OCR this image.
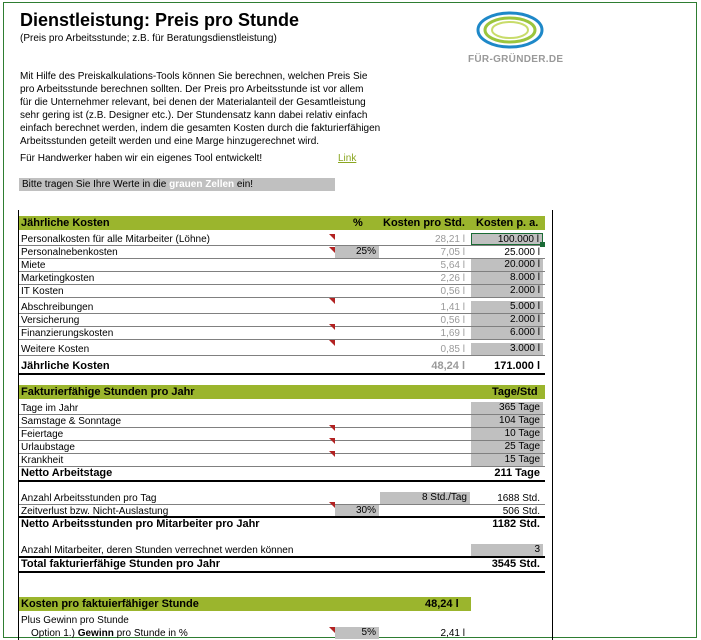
Dienstleistung: Preis pro Stunde
(Preis pro Arbeitsstunde; z.B. für Beratungsdienstleistung)
FÜR-GRÜNDER.DE
Mit Hilfe des Preiskalkulations-Tools können Sie berechnen, welchen Preis Sie
pro Arbeitsstunde berechnen sollten. Der Preis pro Arbeitsstunde ist vor allem
für die Unternehmer relevant, bei denen der Materialanteil der Gesamtleistung
sehr gering ist (z.B. Designer etc.). Der Stundensatz kann dabei relativ einfach
einfach berechnet werden, indem die gesamten Kosten durch die fakturierfähigen
Arbeitsstunden geteilt werden und eine Marge hinzugerechnet wird.
Für Handwerker haben wir ein eigenes Tool entwickelt!	Link
Bitte tragen Sie Ihre Werte in die grauen Zellen ein!
Jährliche Kosten	% Kosten pro Std. Kosten p. a.
Personalkosten für alle Mitarbeiter (Löhne)	28,21 l	100.000 l
Personalnebenkosten	25%	7,05 l	25.000 l
Miete	5,64 l	20.000 l
Marketingkosten	2,26 l	8.000 l
IT Kosten	0,56 l	2.000 l
Abschreibungen	1,41 l	5.000 l
Versicherung	0,56 l	2.000 l
Finanzierungskosten	1,69 l	6.000 l
Weitere Kosten	0,85 l	3.000 l
Jährliche Kosten	48,24 l	171.000 l
Fakturierfähige Stunden pro Jahr	Tage/Std
Tage im Jahr	365 Tage
Samstage & Sonntage	104 Tage
Feiertage	10 Tage
Urlaubstage	25 Tage
Krankheit	15 Tage
Netto Arbeitstage	211 Tage
Anzahl Arbeitsstunden pro Tag	8 Std./Tag	1688 Std.
Zeitverlust bzw. Nicht-Auslastung	30%	506 Std.
Netto Arbeitsstunden pro Mitarbeiter pro Jahr	1182 Std.
Anzahl Mitarbeiter, deren Stunden verrechnet werden können	3
Total fakturierfähige Stunden pro Jahr	3545 Std.
Kosten pro faktuierfähiger Stunde	48,24 l
Plus Gewinn pro Stunde
Option 1.) Gewinn pro Stunde in %	5%	2,41 l
